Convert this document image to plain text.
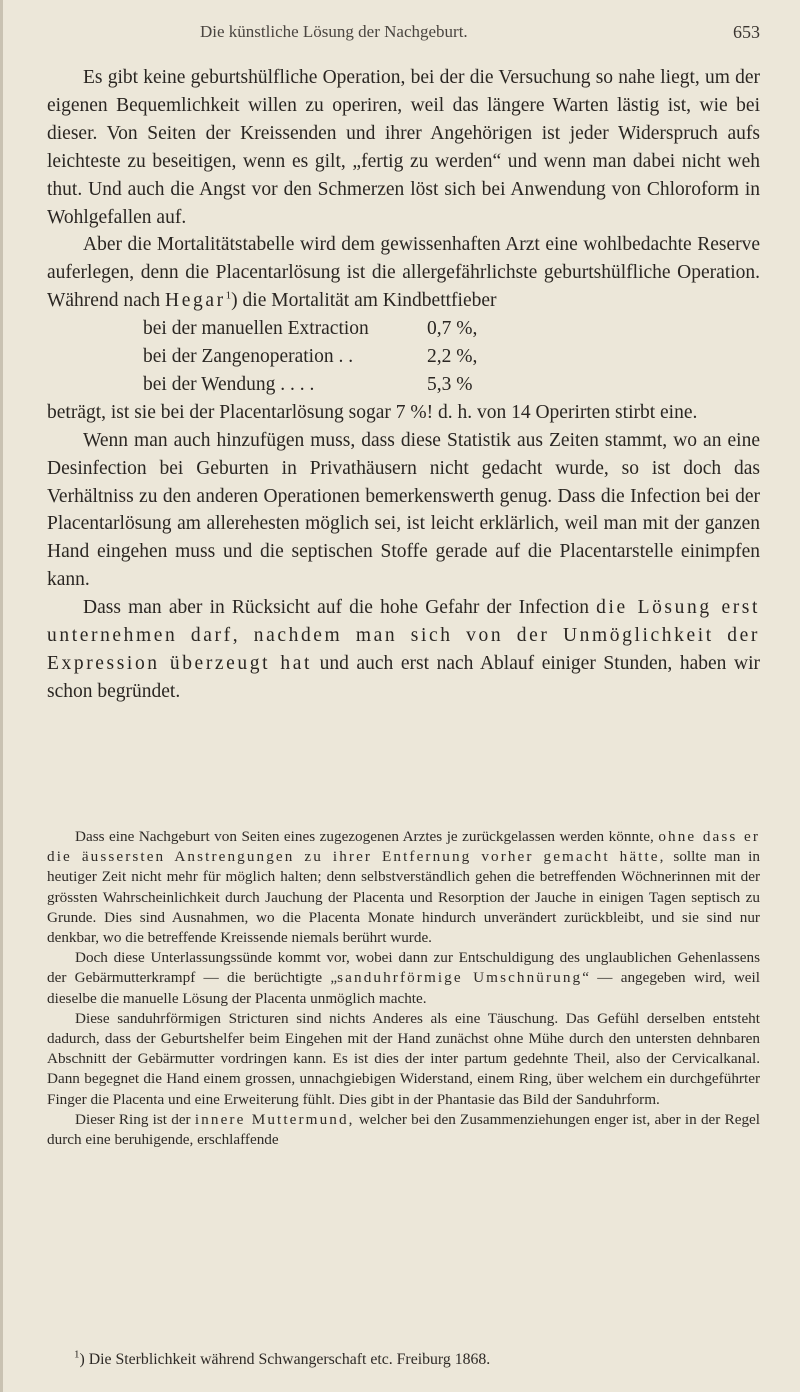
Die künstliche Lösung der Nachgeburt.	653

Es gibt keine geburtshülfliche Operation, bei der die Versuchung so nahe liegt, um der eigenen Bequemlichkeit willen zu operiren, weil das längere Warten lästig ist, wie bei dieser. Von Seiten der Kreissenden und ihrer Angehörigen ist jeder Widerspruch aufs leichteste zu beseitigen, wenn es gilt, „fertig zu werden“ und wenn man dabei nicht weh thut. Und auch die Angst vor den Schmerzen löst sich bei Anwendung von Chloroform in Wohlgefallen auf.

Aber die Mortalitätstabelle wird dem gewissenhaften Arzt eine wohlbedachte Reserve auferlegen, denn die Placentarlösung ist die allergefährlichste geburtshülfliche Operation. Während nach Hegar$^1$) die Mortalität am Kindbettfieber

bei der manuellen Extraction	0,7 %,
bei der Zangenoperation . .	2,2 %,
bei der Wendung . . . .	5,3 %

beträgt, ist sie bei der Placentarlösung sogar 7 %! d. h. von 14 Operirten stirbt eine.

Wenn man auch hinzufügen muss, dass diese Statistik aus Zeiten stammt, wo an eine Desinfection bei Geburten in Privathäusern nicht gedacht wurde, so ist doch das Verhältniss zu den anderen Operationen bemerkenswerth genug. Dass die Infection bei der Placentarlösung am allerehesten möglich sei, ist leicht erklärlich, weil man mit der ganzen Hand eingehen muss und die septischen Stoffe gerade auf die Placentarstelle einimpfen kann.

Dass man aber in Rücksicht auf die hohe Gefahr der Infection die Lösung erst unternehmen darf, nachdem man sich von der Unmöglichkeit der Expression überzeugt hat und auch erst nach Ablauf einiger Stunden, haben wir schon begründet.

Dass eine Nachgeburt von Seiten eines zugezogenen Arztes je zurückgelassen werden könnte, ohne dass er die äussersten Anstrengungen zu ihrer Entfernung vorher gemacht hätte, sollte man in heutiger Zeit nicht mehr für möglich halten; denn selbstverständlich gehen die betreffenden Wöchnerinnen mit der grössten Wahrscheinlichkeit durch Jauchung der Placenta und Resorption der Jauche in einigen Tagen septisch zu Grunde. Dies sind Ausnahmen, wo die Placenta Monate hindurch unverändert zurückbleibt, und sie sind nur denkbar, wo die betreffende Kreissende niemals berührt wurde.

Doch diese Unterlassungssünde kommt vor, wobei dann zur Entschuldigung des unglaublichen Gehenlassens der Gebärmutterkrampf — die berüchtigte „sanduhrförmige Umschnürung“ — angegeben wird, weil dieselbe die manuelle Lösung der Placenta unmöglich machte.

Diese sanduhrförmigen Stricturen sind nichts Anderes als eine Täuschung. Das Gefühl derselben entsteht dadurch, dass der Geburtshelfer beim Eingehen mit der Hand zunächst ohne Mühe durch den untersten dehnbaren Abschnitt der Gebärmutter vordringen kann. Es ist dies der inter partum gedehnte Theil, also der Cervicalkanal. Dann begegnet die Hand einem grossen, unnachgiebigen Widerstand, einem Ring, über welchem ein durchgeführter Finger die Placenta und eine Erweiterung fühlt. Dies gibt in der Phantasie das Bild der Sanduhrform.

Dieser Ring ist der innere Muttermund, welcher bei den Zusammenziehungen enger ist, aber in der Regel durch eine beruhigende, erschlaffende

$^1$) Die Sterblichkeit während Schwangerschaft etc. Freiburg 1868.
